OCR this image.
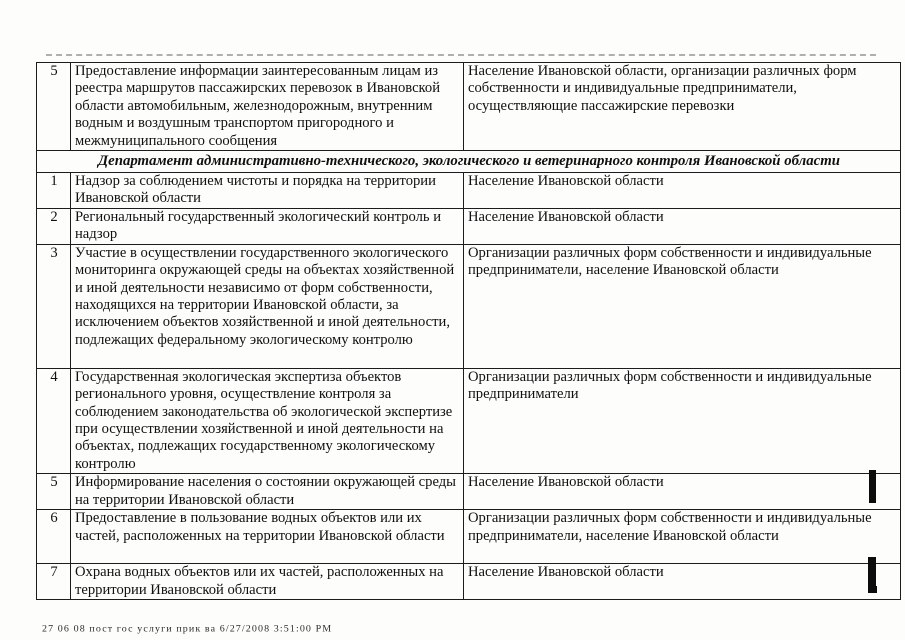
5	Предоставление информации заинтересованным лицам из реестра маршрутов пассажирских перевозок в Ивановской области автомобильным, железнодорожным, внутренним водным и воздушным транспортом пригородного и межмуниципального сообщения	Население Ивановской области, организации различных форм собственности и индивидуальные предприниматели, осуществляющие пассажирские перевозки
Департамент административно-технического, экологического и ветеринарного контроля Ивановской области		
1	Надзор за соблюдением чистоты и порядка на территории Ивановской области	Население Ивановской области
2	Региональный государственный экологический контроль и надзор	Население Ивановской области
3	Участие в осуществлении государственного экологического мониторинга окружающей среды на объектах хозяйственной и иной деятельности независимо от форм собственности, находящихся на территории Ивановской области, за исключением объектов хозяйственной и иной деятельности, подлежащих федеральному экологическому контролю	Организации различных форм собственности и индивидуальные предприниматели, население Ивановской области
4	Государственная экологическая экспертиза объектов регионального уровня, осуществление контроля за соблюдением законодательства об экологической экспертизе при осуществлении хозяйственной и иной деятельности на объектах, подлежащих государственному экологическому контролю	Организации различных форм собственности и индивидуальные предприниматели
5	Информирование населения о состоянии окружающей среды на территории Ивановской области	Население Ивановской области
6	Предоставление в пользование водных объектов или их частей, расположенных на территории Ивановской области	Организации различных форм собственности и индивидуальные предприниматели, население Ивановской области
7	Охрана водных объектов или их частей, расположенных на территории Ивановской области	Население Ивановской области
27 06 08 пост гос услуги прик ва 6/27/2008 3:51:00 PM
